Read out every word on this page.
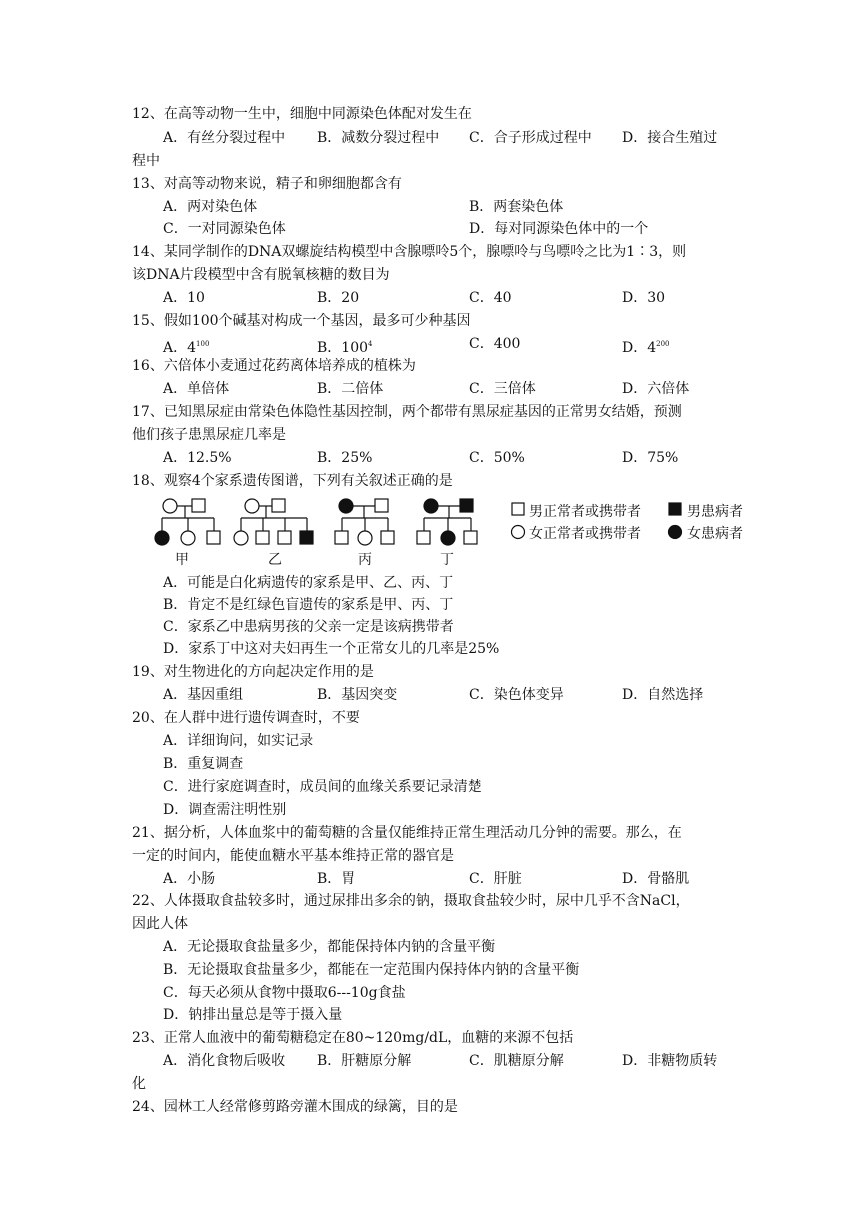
12、在高等动物一生中，细胞中同源染色体配对发生在
A．有丝分裂过程中 B．减数分裂过程中 C．合子形成过程中 D．接合生殖过
程中
13、对高等动物来说，精子和卵细胞都含有
A．两对染色体	B．两套染色体
C．一对同源染色体	D．每对同源染色体中的一个
14、某同学制作的DNA双螺旋结构模型中含腺嘌呤5个，腺嘌呤与鸟嘌呤之比为1∶3，则
该DNA片段模型中含有脱氧核糖的数目为
A．10	B．20	C．40	D．30
15、假如100个碱基对构成一个基因，最多可少种基因
A．$4^{100}$	B．$100^4$	C．400	D．$4^{200}$
16、六倍体小麦通过花药离体培养成的植株为
A．单倍体	B．二倍体	C．三倍体	D．六倍体
17、已知黑尿症由常染色体隐性基因控制，两个都带有黑尿症基因的正常男女结婚，预测
他们孩子患黑尿症几率是
A．12.5%	B．25%	C．50%	D．75%
18、观察4个家系遗传图谱，下列有关叙述正确的是
男正常者或携带者	男患病者
女正常者或携带者	女患病者
甲	乙	丙	丁
A．可能是白化病遗传的家系是甲、乙、丙、丁
B．肯定不是红绿色盲遗传的家系是甲、丙、丁
C．家系乙中患病男孩的父亲一定是该病携带者
D．家系丁中这对夫妇再生一个正常女儿的几率是25%
19、对生物进化的方向起决定作用的是
A．基因重组	B．基因突变	C．染色体变异	D．自然选择
20、在人群中进行遗传调查时，不要
A．详细询问，如实记录
B．重复调查
C．进行家庭调查时，成员间的血缘关系要记录清楚
D．调查需注明性别
21、据分析，人体血浆中的葡萄糖的含量仅能维持正常生理活动几分钟的需要。那么，在
一定的时间内，能使血糖水平基本维持正常的器官是
A．小肠	B．胃	C．肝脏	D．骨骼肌
22、人体摄取食盐较多时，通过尿排出多余的钠，摄取食盐较少时，尿中几乎不含NaCl，
因此人体
A．无论摄取食盐量多少，都能保持体内钠的含量平衡
B．无论摄取食盐量多少，都能在一定范围内保持体内钠的含量平衡
C．每天必须从食物中摄取6---10g食盐
D．钠排出量总是等于摄入量
23、正常人血液中的葡萄糖稳定在80~120mg/dL，血糖的来源不包括
A．消化食物后吸收 B．肝糖原分解	C．肌糖原分解	D．非糖物质转
化
24、园林工人经常修剪路旁灌木围成的绿篱，目的是
